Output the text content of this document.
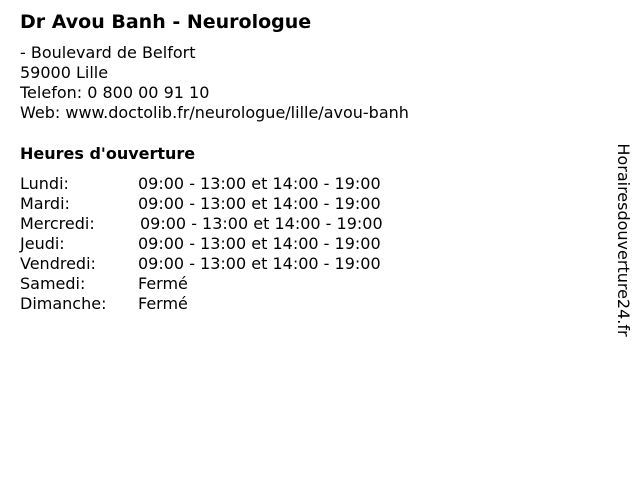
Dr Avou Banh - Neurologue
- Boulevard de Belfort
59000 Lille
Telefon: 0 800 00 91 10
Web: www.doctolib.fr/neurologue/lille/avou-banh
Heures d'ouverture
Lundi:	09:00 - 13:00 et 14:00 - 19:00
Mardi:	09:00 - 13:00 et 14:00 - 19:00
Mercredi:	09:00 - 13:00 et 14:00 - 19:00
Jeudi:	09:00 - 13:00 et 14:00 - 19:00
Vendredi:	09:00 - 13:00 et 14:00 - 19:00
Samedi:	Fermé
Dimanche: Fermé	Horairesdouverture24.fr
